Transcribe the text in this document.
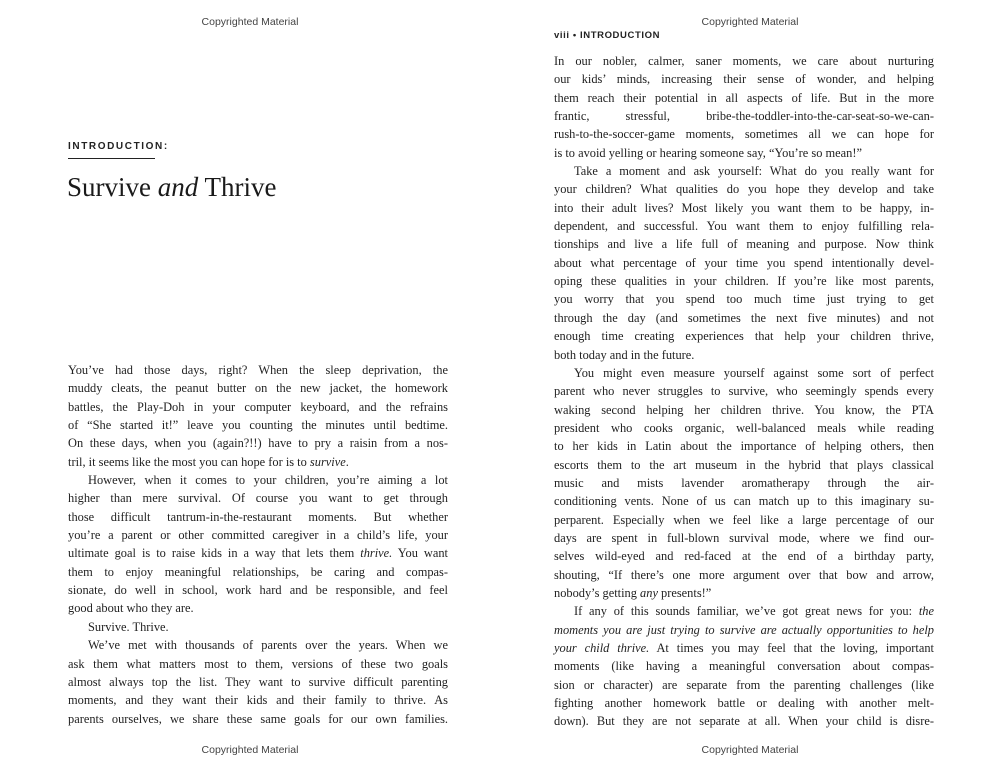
Copyrighted Material
INTRODUCTION:
Survive and Thrive
You’ve had those days, right? When the sleep deprivation, the
muddy cleats, the peanut butter on the new jacket, the homework
battles, the Play-Doh in your computer keyboard, and the refrains
of “She started it!” leave you counting the minutes until bedtime.
On these days, when you (again?!!) have to pry a raisin from a nos-
tril, it seems like the most you can hope for is to survive.
However, when it comes to your children, you’re aiming a lot
higher than mere survival. Of course you want to get through
those difficult tantrum-in-the-restaurant moments. But whether
you’re a parent or other committed caregiver in a child’s life, your
ultimate goal is to raise kids in a way that lets them thrive. You want
them to enjoy meaningful relationships, be caring and compas-
sionate, do well in school, work hard and be responsible, and feel
good about who they are.
Survive. Thrive.
We’ve met with thousands of parents over the years. When we
ask them what matters most to them, versions of these two goals
almost always top the list. They want to survive difficult parenting
moments, and they want their kids and their family to thrive. As
parents ourselves, we share these same goals for our own families.
Copyrighted Material
Copyrighted Material
viii • INTRODUCTION
In our nobler, calmer, saner moments, we care about nurturing
our kids’ minds, increasing their sense of wonder, and helping
them reach their potential in all aspects of life. But in the more
frantic, stressful, bribe-the-toddler-into-the-car-seat-so-we-can-
rush-to-the-soccer-game moments, sometimes all we can hope for
is to avoid yelling or hearing someone say, “You’re so mean!”
Take a moment and ask yourself: What do you really want for
your children? What qualities do you hope they develop and take
into their adult lives? Most likely you want them to be happy, in-
dependent, and successful. You want them to enjoy fulfilling rela-
tionships and live a life full of meaning and purpose. Now think
about what percentage of your time you spend intentionally devel-
oping these qualities in your children. If you’re like most parents,
you worry that you spend too much time just trying to get
through the day (and sometimes the next five minutes) and not
enough time creating experiences that help your children thrive,
both today and in the future.
You might even measure yourself against some sort of perfect
parent who never struggles to survive, who seemingly spends every
waking second helping her children thrive. You know, the PTA
president who cooks organic, well-balanced meals while reading
to her kids in Latin about the importance of helping others, then
escorts them to the art museum in the hybrid that plays classical
music and mists lavender aromatherapy through the air-
conditioning vents. None of us can match up to this imaginary su-
perparent. Especially when we feel like a large percentage of our
days are spent in full-blown survival mode, where we find our-
selves wild-eyed and red-faced at the end of a birthday party,
shouting, “If there’s one more argument over that bow and arrow,
nobody’s getting any presents!”
If any of this sounds familiar, we’ve got great news for you: the
moments you are just trying to survive are actually opportunities to help
your child thrive. At times you may feel that the loving, important
moments (like having a meaningful conversation about compas-
sion or character) are separate from the parenting challenges (like
fighting another homework battle or dealing with another melt-
down). But they are not separate at all. When your child is disre-
Copyrighted Material
